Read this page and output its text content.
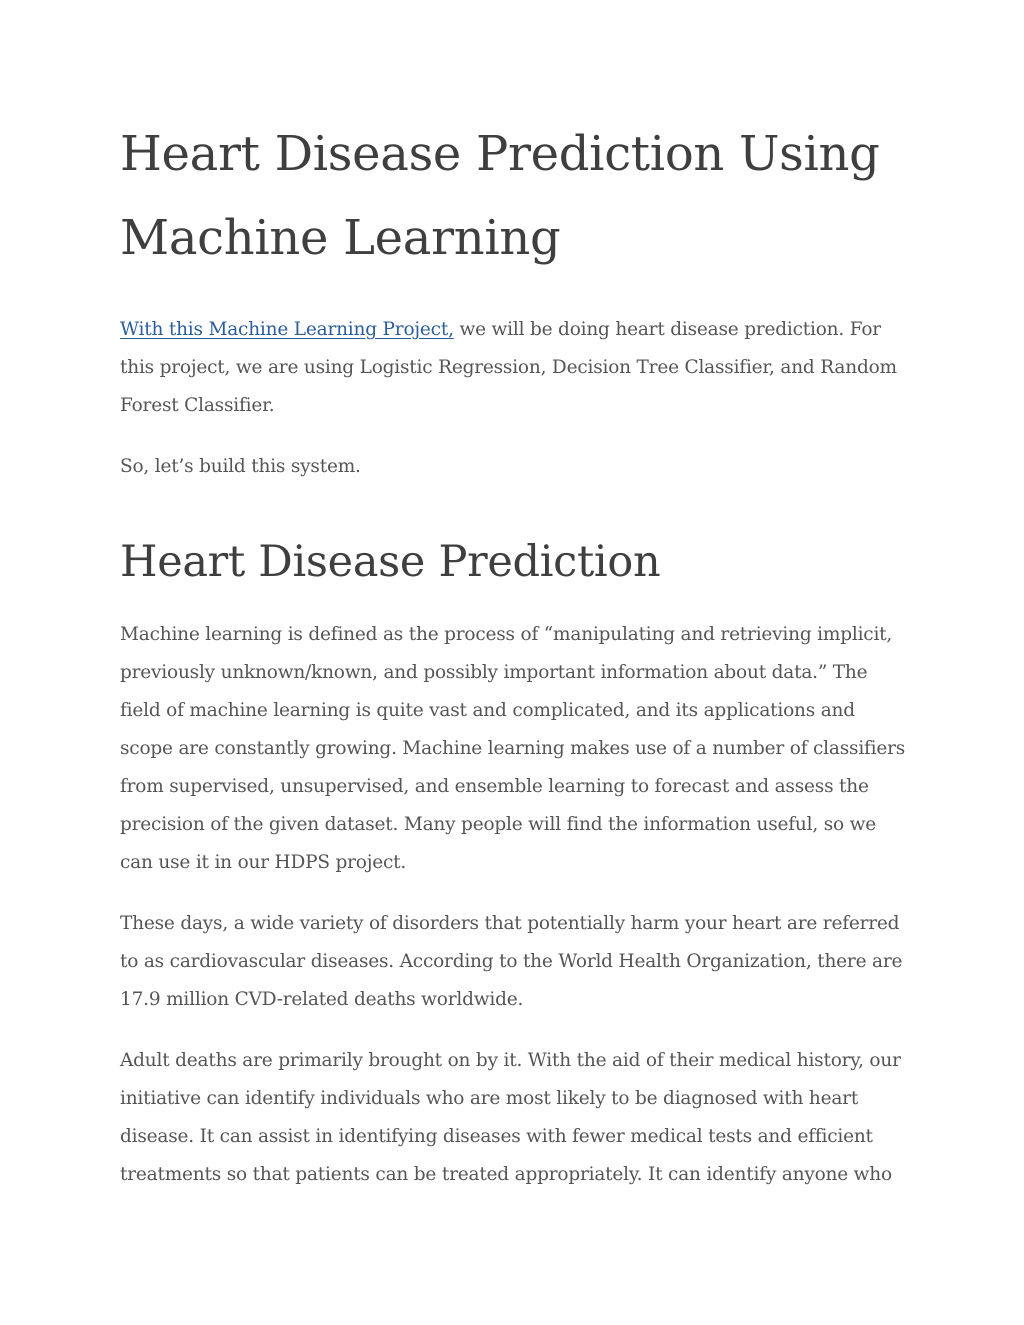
Heart Disease Prediction Using Machine Learning

With this Machine Learning Project, we will be doing heart disease prediction. For this project, we are using Logistic Regression, Decision Tree Classifier, and Random Forest Classifier.

So, let’s build this system.

Heart Disease Prediction

Machine learning is defined as the process of “manipulating and retrieving implicit, previously unknown/known, and possibly important information about data.” The field of machine learning is quite vast and complicated, and its applications and scope are constantly growing. Machine learning makes use of a number of classifiers from supervised, unsupervised, and ensemble learning to forecast and assess the precision of the given dataset. Many people will find the information useful, so we can use it in our HDPS project.

These days, a wide variety of disorders that potentially harm your heart are referred to as cardiovascular diseases. According to the World Health Organization, there are 17.9 million CVD-related deaths worldwide.

Adult deaths are primarily brought on by it. With the aid of their medical history, our initiative can identify individuals who are most likely to be diagnosed with heart disease. It can assist in identifying diseases with fewer medical tests and efficient treatments so that patients can be treated appropriately. It can identify anyone who
